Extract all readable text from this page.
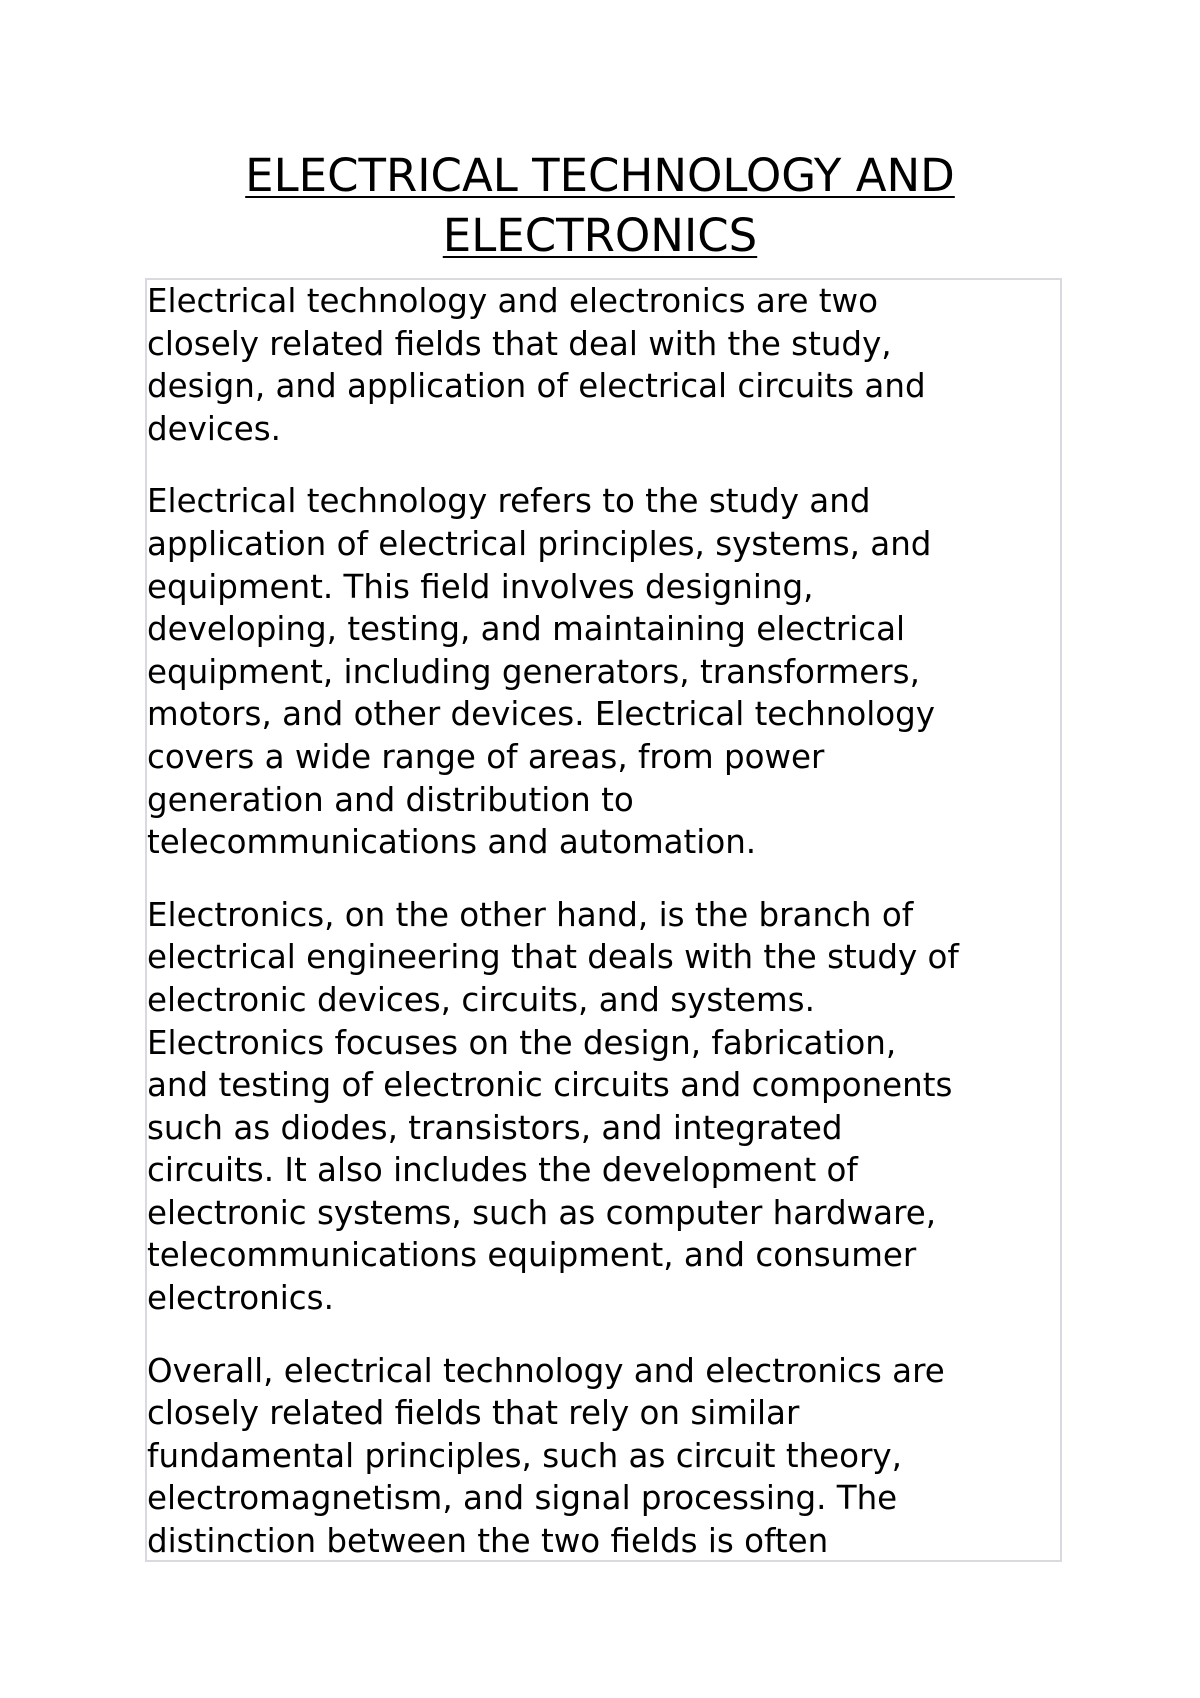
ELECTRICAL TECHNOLOGY AND
ELECTRONICS

Electrical technology and electronics are two
closely related fields that deal with the study,
design, and application of electrical circuits and
devices.

Electrical technology refers to the study and
application of electrical principles, systems, and
equipment. This field involves designing,
developing, testing, and maintaining electrical
equipment, including generators, transformers,
motors, and other devices. Electrical technology
covers a wide range of areas, from power
generation and distribution to
telecommunications and automation.

Electronics, on the other hand, is the branch of
electrical engineering that deals with the study of
electronic devices, circuits, and systems.
Electronics focuses on the design, fabrication,
and testing of electronic circuits and components
such as diodes, transistors, and integrated
circuits. It also includes the development of
electronic systems, such as computer hardware,
telecommunications equipment, and consumer
electronics.

Overall, electrical technology and electronics are
closely related fields that rely on similar
fundamental principles, such as circuit theory,
electromagnetism, and signal processing. The
distinction between the two fields is often
